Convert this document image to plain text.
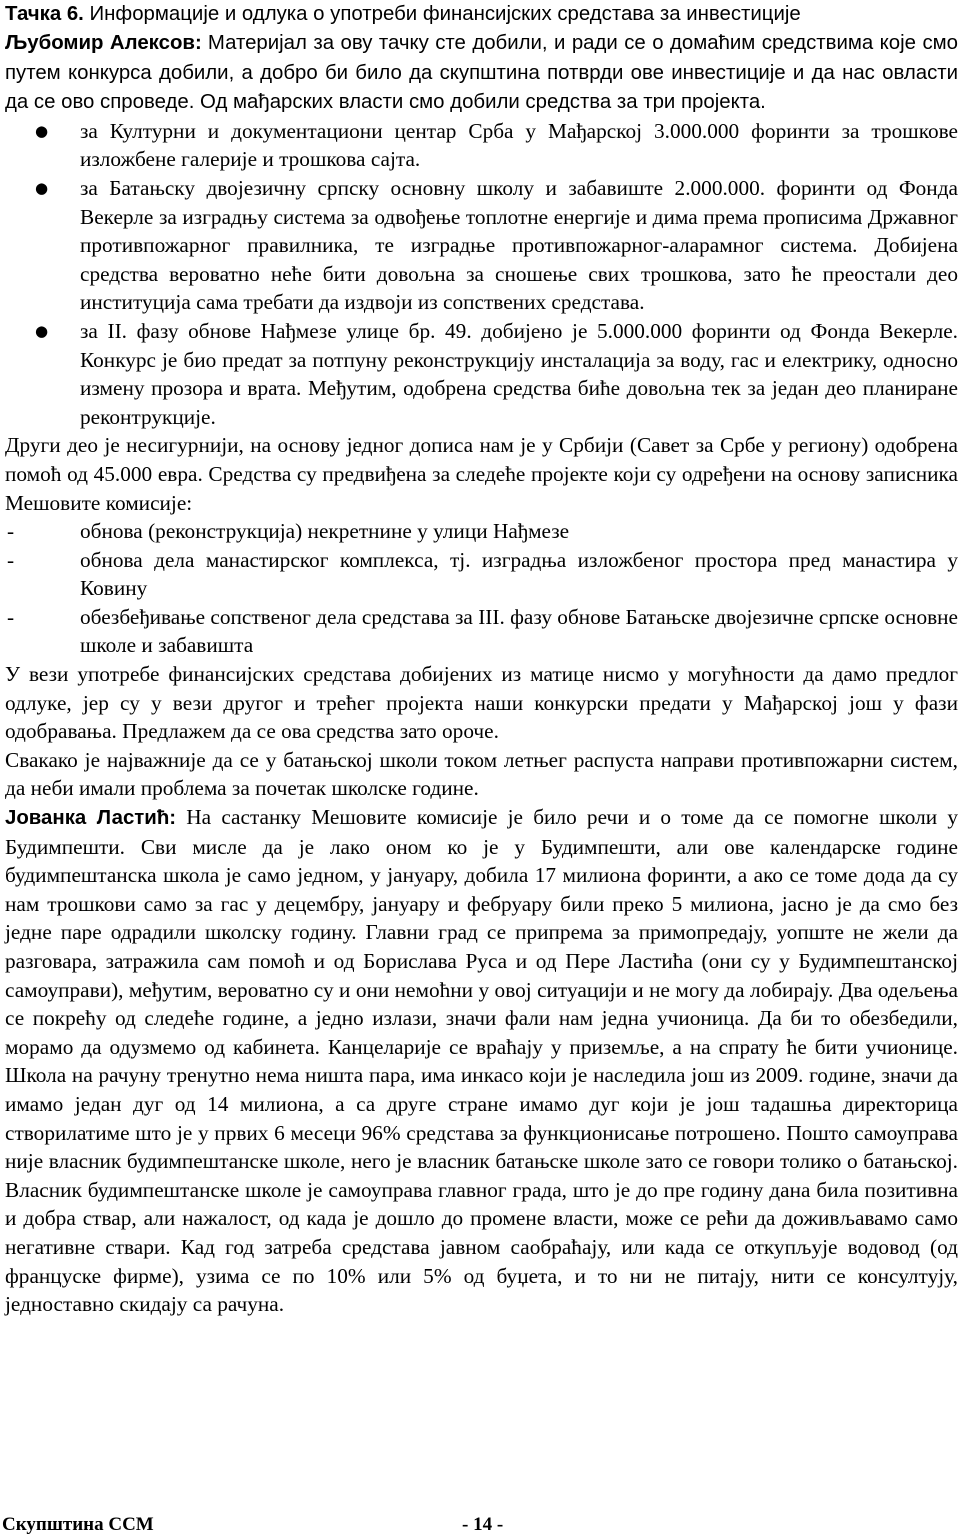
Тачка 6. Информације и одлука о употреби финансијских средстава за инвестиције

Љубомир Алексов: Материјал за ову тачку сте добили, и ради се о домаћим средствима које смо путем конкурса добили, а добро би било да скупштина потврди ове инвестиције и да нас овласти да се ово спроведе. Од мађарских власти смо добили средства за три пројекта.

● за Културни и документациони центар Срба у Мађарској 3.000.000 форинти за трошкове изложбене галерије и трошкова сајта.
● за Батањску двојезичну српску основну школу и забавиште 2.000.000. форинти од Фонда Векерле за изградњу система за одвођење топлотне енергије и дима према прописима Државног противпожарног правилника, те изградње противпожарног-аларамног система. Добијена средства вероватно неће бити довољна за сношење свих трошкова, зато ће преостали део институција сама требати да издвоји из сопствених средстава.
● за II. фазу обнове Нађмезе улице бр. 49. добијено је 5.000.000 форинти од Фонда Векерле. Конкурс је био предат за потпуну реконструкцију инсталација за воду, гас и електрику, односно измену прозора и врата. Међутим, одобрена средства биће довољна тек за један део планиране реконтрукције.

Други део је несигурнији, на основу једног дописа нам је у Србији (Савет за Србе у региону) одобрена помоћ од 45.000 евра. Средства су предвиђена за следеће пројекте који су одређени на основу записника Мешовите комисије:

-	обнова (реконструкција) некретнине у улици Нађмезе
-	обнова дела манастирског комплекса, тј. изградња изложбеног простора пред манастира у Ковину
-	обезбеђивање сопственог дела средстава за III. фазу обнове Батањске двојезичне српске основне школе и забавишта

У вези употребе финансијских средстава добијених из матице нисмо у могућности да дамо предлог одлуке, јер су у вези другог и трећег пројекта наши конкурски предати у Мађарској још у фази одобравања. Предлажем да се ова средства зато ороче.

Свакако је најважније да се у батањској школи током летњег распуста направи противпожарни систем, да неби имали проблема за почетак школске године.

Јованка Ластић: На састанку Мешовите комисије је било речи и о томе да се помогне школи у Будимпешти. Сви мисле да је лако оном ко је у Будимпешти, али ове календарске године будимпештанска школа је само једном, у јануару, добила 17 милиона форинти, а ако се томе дода да су нам трошкови само за гас у децембру, јануару и фебруару били преко 5 милиона, јасно је да смо без једне паре одрадили школску годину. Главни град се припрема за примопредају, уопште не жели да разговара, затражила сам помоћ и од Борислава Руса и од Пере Ластића (они су у Будимпештанској самоуправи), међутим, вероватно су и они немоћни у овој ситуацији и не могу да лобирају. Два одељења се покрећу од следеће године, а једно излази, значи фали нам једна учионица. Да би то обезбедили, морамо да одузмемо од кабинета. Канцеларије се враћају у приземље, а на спрату ће бити учионице. Школа на рачуну тренутно нема ништа пара, има инкасо који је наследила још из 2009. године, значи да имамо један дуг од 14 милиона, а са друге стране имамо дуг који је још тадашња директорица створилатиме што је у првих 6 месеци 96% средстава за функционисање потрошено. Пошто самоуправа није власник будимпештанске школе, него је власник батањске школе зато се говори толико о батањској. Власник будимпештанске школе је самоуправа главног града, што је до пре годину дана била позитивна и добра ствар, али нажалост, од када је дошло до промене власти, може се рећи да доживљавамо само негативне ствари. Кад год затреба средстава јавном саобраћају, или када се откупљује водовод (од француске фирме), узима се по 10% или 5% од буџета, и то ни не питају, нити се консултују, једноставно скидају са рачуна.

Скупштина ССМ	- 14 -
